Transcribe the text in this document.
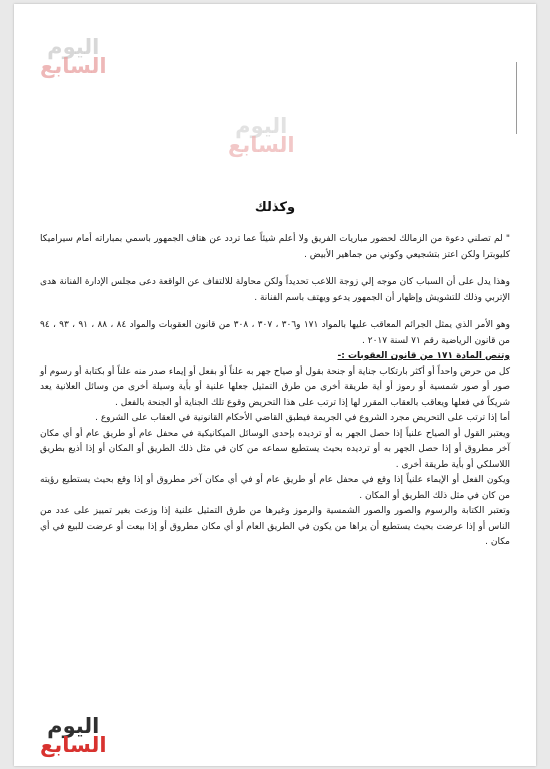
اليوم
السابع
اليوم
السابع
اليوم
السابع
وكذلك

" لم تصلني دعوة من الزمالك لحضور مباريات الفريق ولا أعلم شيئاً عما تردد عن هتاف الجمهور باسمي بمباراته أمام سيراميكا كليوبترا ولكن اعتز بتشجيعي وكوني من جماهير الأبيض .

وهذا يدل على أن السباب كان موجه إلي زوجة اللاعب تحديداً ولكن محاولة للالتفاف عن الواقعة دعى مجلس الإدارة الفنانة هدى الإتربي وذلك للتشويش وإظهار أن الجمهور يدعو ويهتف باسم الفنانة .

وهو الأمر الذي يمثل الجرائم المعاقب عليها بالمواد ١٧١ و٣٠٦ ، ٣٠٧ ، ٣٠٨ من قانون العقوبات والمواد ٨٤ ، ٨٨ ، ٩١ ، ٩٣ ، ٩٤ من قانون الرياضية رقم ٧١ لسنة ٢٠١٧ .

وتنص المادة ١٧١ من قانون العقوبات :-

كل من حرض واحداً أو أكثر بارتكاب جناية أو جنحة بقول أو صياح جهر به علناً أو بفعل أو إيماء صدر منه علناً أو بكتابة أو رسوم أو صور أو صور شمسية أو رموز أو أية طريقة أخرى من طرق التمثيل جعلها علنية أو بأية وسيلة أخرى من وسائل العلانية يعد شريكاً في فعلها ويعاقب بالعقاب المقرر لها إذا ترتب على هذا التحريض وقوع تلك الجناية أو الجنحة بالفعل .

أما إذا ترتب على التحريض مجرد الشروع في الجريمة فيطبق القاضي الأحكام القانونية في العقاب على الشروع .

ويعتبر القول أو الصياح علنياً إذا حصل الجهر به أو ترديده بإحدى الوسائل الميكانيكية في محفل عام أو طريق عام أو أي مكان آخر مطروق أو إذا حصل الجهر به أو ترديده بحيث يستطيع سماعه من كان في مثل ذلك الطريق أو المكان أو إذا أذيع بطريق اللاسلكي أو بأية طريقة أخرى .

ويكون الفعل أو الإيماء علنياً إذا وقع في محفل عام أو طريق عام أو في أي مكان آخر مطروق أو إذا وقع بحيث يستطيع رؤيته من كان في مثل ذلك الطريق أو المكان .

وتعتبر الكتابة والرسوم والصور والصور الشمسية والرموز وغيرها من طرق التمثيل علنية إذا وزعت بغير تمييز على عدد من الناس أو إذا عرضت بحيث يستطيع أن يراها من يكون في الطريق العام أو أي مكان مطروق أو إذا بيعت أو عرضت للبيع في أي مكان .
